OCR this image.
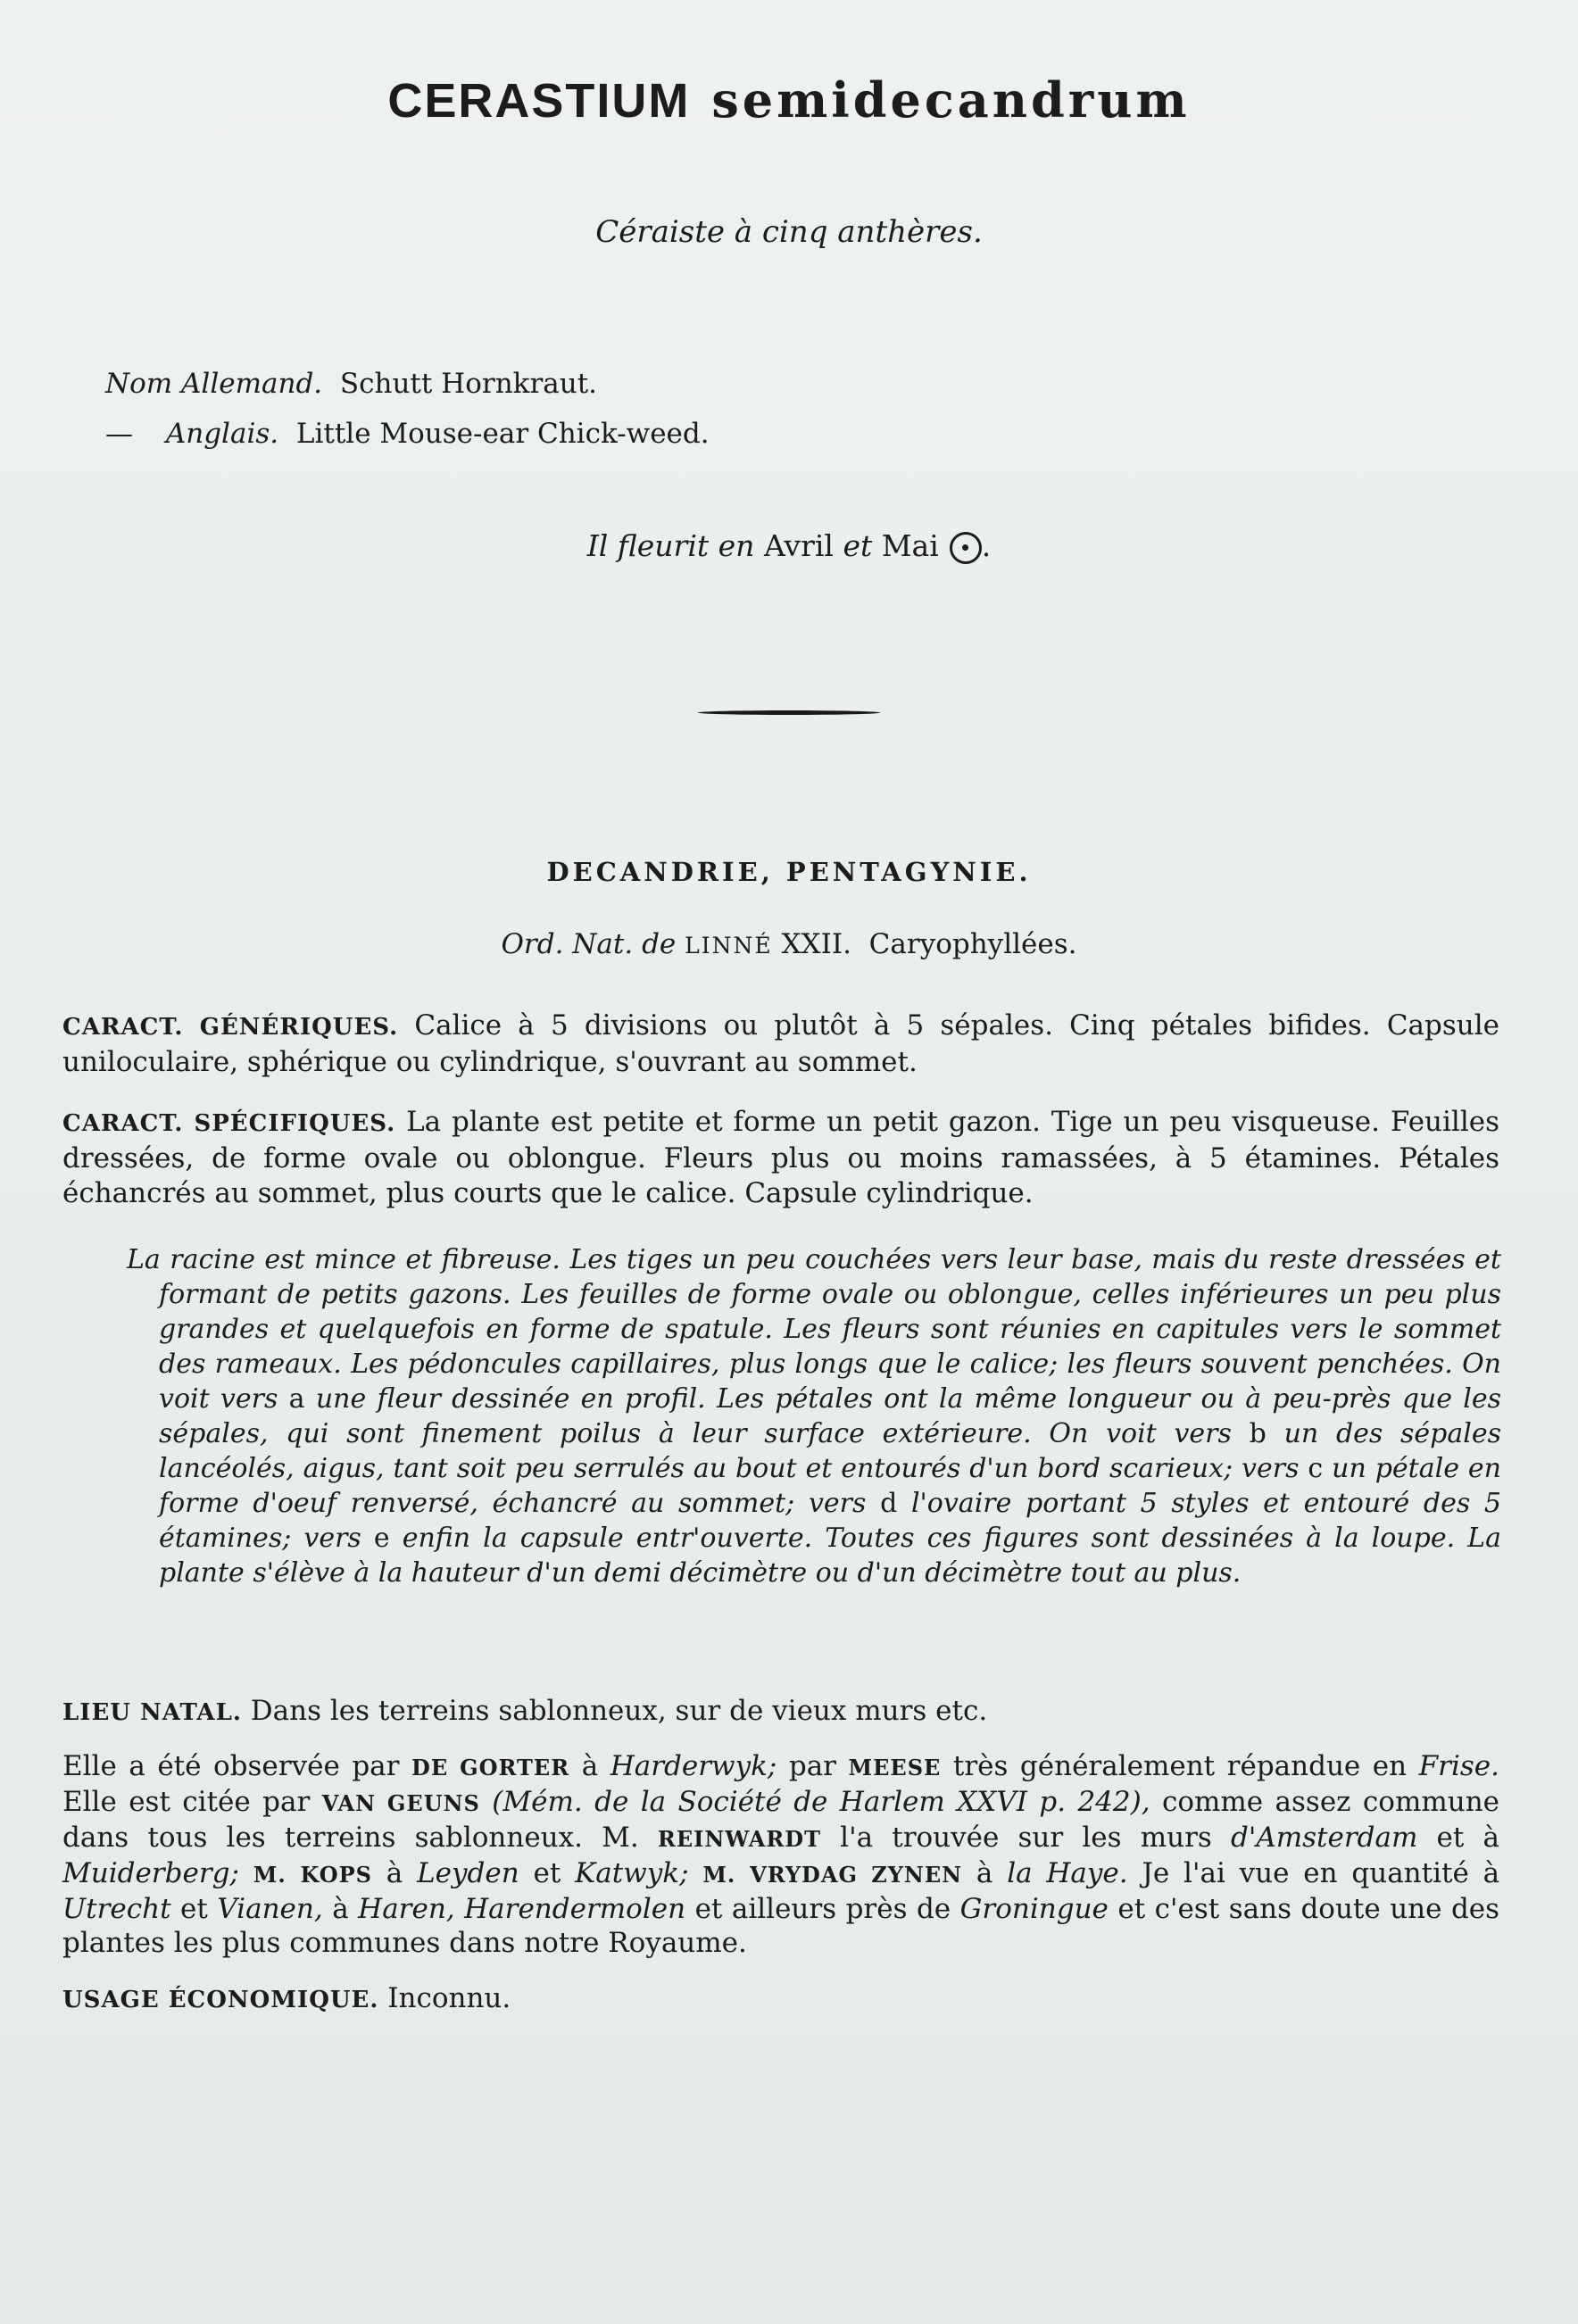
CERASTIUM semidecandrum
Céraiste à cinq anthères.
Nom Allemand. Schutt Hornkraut.
— Anglais. Little Mouse-ear Chick-weed.
Il fleurit en Avril et Mai .
DECANDRIE, PENTAGYNIE.
Ord. Nat. de LINNÉ XXII. Caryophyllées.
CARACT. GÉNÉRIQUES. Calice à 5 divisions ou plutôt à 5 sépales. Cinq pétales bifides. Capsule uniloculaire, sphérique ou cylindrique, s'ouvrant au sommet.
CARACT. SPÉCIFIQUES. La plante est petite et forme un petit gazon. Tige un peu visqueuse. Feuilles dressées, de forme ovale ou oblongue. Fleurs plus ou moins ramassées, à 5 étamines. Pétales échancrés au sommet, plus courts que le calice. Capsule cylindrique.
La racine est mince et fibreuse. Les tiges un peu couchées vers leur base, mais du reste dressées et formant de petits gazons. Les feuilles de forme ovale ou oblongue, celles inférieures un peu plus grandes et quelquefois en forme de spatule. Les fleurs sont réunies en capitules vers le sommet des rameaux. Les pédoncules capillaires, plus longs que le calice; les fleurs souvent penchées. On voit vers a une fleur dessinée en profil. Les pétales ont la même longueur ou à peu-près que les sépales, qui sont finement poilus à leur surface extérieure. On voit vers b un des sépales lancéolés, aigus, tant soit peu serrulés au bout et entourés d'un bord scarieux; vers c un pétale en forme d'oeuf renversé, échancré au sommet; vers d l'ovaire portant 5 styles et entouré des 5 étamines; vers e enfin la capsule entr'ouverte. Toutes ces figures sont dessinées à la loupe. La plante s'élève à la hauteur d'un demi décimètre ou d'un décimètre tout au plus.
LIEU NATAL. Dans les terreins sablonneux, sur de vieux murs etc.
Elle a été observée par DE GORTER à Harderwyk; par MEESE très généralement répandue en Frise. Elle est citée par VAN GEUNS (Mém. de la Société de Harlem XXVI p. 242), comme assez commune dans tous les terreins sablonneux. M. REINWARDT l'a trouvée sur les murs d'Amsterdam et à Muiderberg; M. KOPS à Leyden et Katwyk; M. VRYDAG ZYNEN à la Haye. Je l'ai vue en quantité à Utrecht et Vianen, à Haren, Harendermolen et ailleurs près de Groningue et c'est sans doute une des plantes les plus communes dans notre Royaume.
USAGE ÉCONOMIQUE. Inconnu.
